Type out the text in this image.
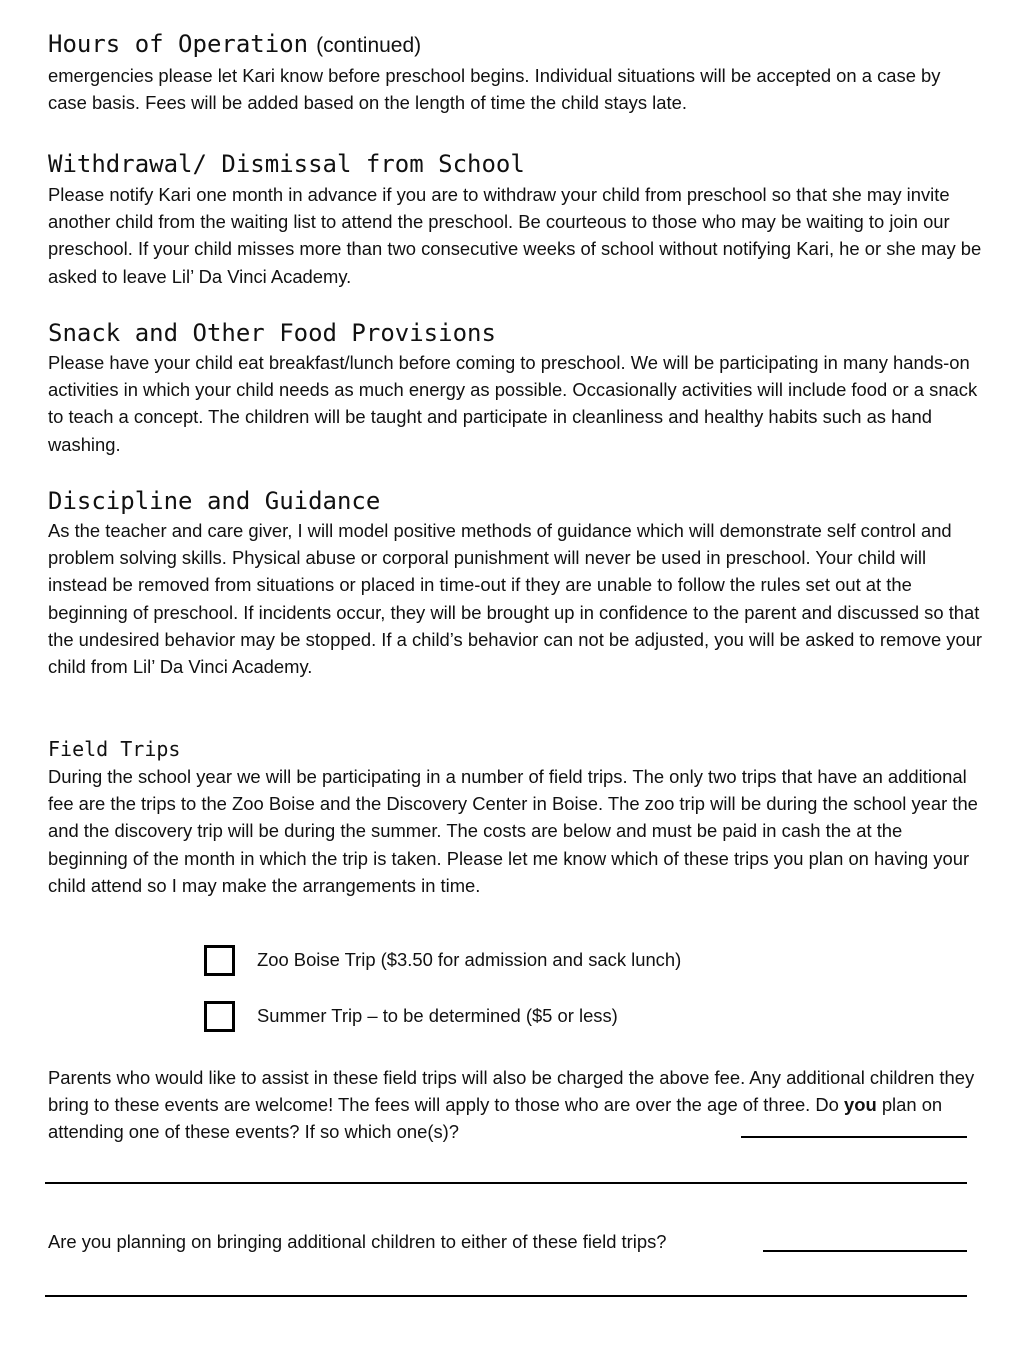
Hours of Operation (continued)
emergencies please let Kari know before preschool begins. Individual situations will be accepted on a case by case basis. Fees will be added based on the length of time the child stays late.
Withdrawal/ Dismissal from School
Please notify Kari one month in advance if you are to withdraw your child from preschool so that she may invite another child from the waiting list to attend the preschool. Be courteous to those who may be waiting to join our preschool. If your child misses more than two consecutive weeks of school without notifying Kari, he or she may be asked to leave Lil’ Da Vinci Academy.
Snack and Other Food Provisions
Please have your child eat breakfast/lunch before coming to preschool. We will be participating in many hands-on activities in which your child needs as much energy as possible. Occasionally activities will include food or a snack to teach a concept. The children will be taught and participate in cleanliness and healthy habits such as hand washing.
Discipline and Guidance
As the teacher and care giver, I will model positive methods of guidance which will demonstrate self control and problem solving skills. Physical abuse or corporal punishment will never be used in preschool. Your child will instead be removed from situations or placed in time-out if they are unable to follow the rules set out at the beginning of preschool. If incidents occur, they will be brought up in confidence to the parent and discussed so that the undesired behavior may be stopped. If a child’s behavior can not be adjusted, you will be asked to remove your child from Lil’ Da Vinci Academy.
Field Trips
During the school year we will be participating in a number of field trips. The only two trips that have an additional fee are the trips to the Zoo Boise and the Discovery Center in Boise. The zoo trip will be during the school year the and the discovery trip will be during the summer. The costs are below and must be paid in cash the at the beginning of the month in which the trip is taken. Please let me know which of these trips you plan on having your child attend so I may make the arrangements in time.
Zoo Boise Trip ($3.50 for admission and sack lunch)
Summer Trip – to be determined ($5 or less)
Parents who would like to assist in these field trips will also be charged the above fee. Any additional children they bring to these events are welcome! The fees will apply to those who are over the age of three. Do you plan on attending one of these events? If so which one(s)?
Are you planning on bringing additional children to either of these field trips?
